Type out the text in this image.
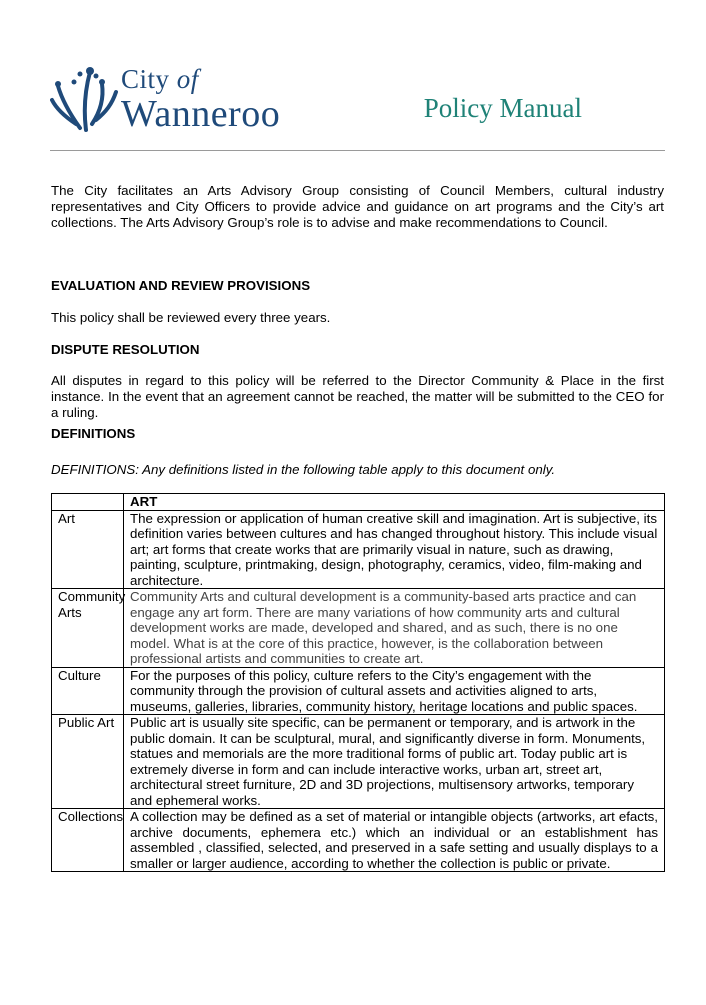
City of
Wanneroo	Policy Manual

The City facilitates an Arts Advisory Group consisting of Council Members, cultural industry representatives and City Officers to provide advice and guidance on art programs and the City’s art collections. The Arts Advisory Group’s role is to advise and make recommendations to Council.

EVALUATION AND REVIEW PROVISIONS

This policy shall be reviewed every three years.

DISPUTE RESOLUTION

All disputes in regard to this policy will be referred to the Director Community & Place in the first instance. In the event that an agreement cannot be reached, the matter will be submitted to the CEO for a ruling.

DEFINITIONS

DEFINITIONS: Any definitions listed in the following table apply to this document only.

	ART
Art	The expression or application of human creative skill and imagination. Art is subjective, its definition varies between cultures and has changed throughout history. This include visual art; art forms that create works that are primarily visual in nature, such as drawing, painting, sculpture, printmaking, design, photography, ceramics, video, film-making and architecture.
Community Arts	Community Arts and cultural development is a community-based arts practice and can engage any art form. There are many variations of how community arts and cultural development works are made, developed and shared, and as such, there is no one model. What is at the core of this practice, however, is the collaboration between professional artists and communities to create art.
Culture	For the purposes of this policy, culture refers to the City’s engagement with the community through the provision of cultural assets and activities aligned to arts, museums, galleries, libraries, community history, heritage locations and public spaces.
Public Art	Public art is usually site specific, can be permanent or temporary, and is artwork in the public domain. It can be sculptural, mural, and significantly diverse in form. Monuments, statues and memorials are the more traditional forms of public art. Today public art is extremely diverse in form and can include interactive works, urban art, street art, architectural street furniture, 2D and 3D projections, multisensory artworks, temporary and ephemeral works.
Collections	A collection may be defined as a set of material or intangible objects (artworks, art efacts, archive documents, ephemera etc.) which an individual or an establishment has assembled , classified, selected, and preserved in a safe setting and usually displays to a smaller or larger audience, according to whether the collection is public or private.
